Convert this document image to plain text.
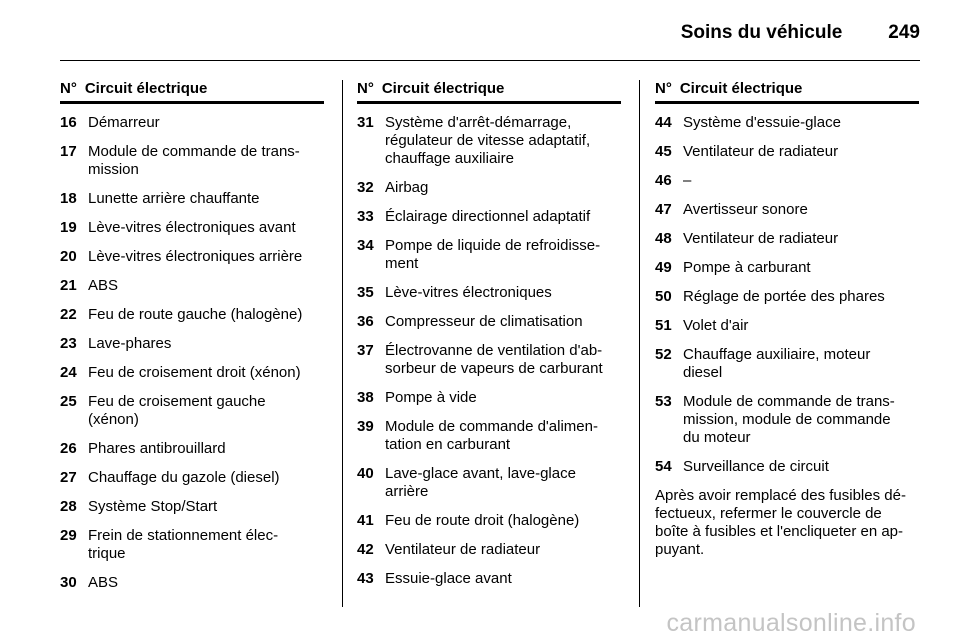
Soins du véhicule 249
N° Circuit électrique
16 Démarreur
17 Module de commande de trans-
mission
18 Lunette arrière chauffante
19 Lève-vitres électroniques avant
20 Lève-vitres électroniques arrière
21 ABS
22 Feu de route gauche (halogène)
23 Lave-phares
24 Feu de croisement droit (xénon)
25 Feu de croisement gauche
(xénon)
26 Phares antibrouillard
27 Chauffage du gazole (diesel)
28 Système Stop/Start
29 Frein de stationnement élec-
trique
30 ABS
N° Circuit électrique
31 Système d'arrêt-démarrage,
régulateur de vitesse adaptatif,
chauffage auxiliaire
32 Airbag
33 Éclairage directionnel adaptatif
34 Pompe de liquide de refroidisse-
ment
35 Lève-vitres électroniques
36 Compresseur de climatisation
37 Électrovanne de ventilation d'ab-
sorbeur de vapeurs de carburant
38 Pompe à vide
39 Module de commande d'alimen-
tation en carburant
40 Lave-glace avant, lave-glace
arrière
41 Feu de route droit (halogène)
42 Ventilateur de radiateur
43 Essuie-glace avant
N° Circuit électrique
44 Système d'essuie-glace
45 Ventilateur de radiateur
46 –
47 Avertisseur sonore
48 Ventilateur de radiateur
49 Pompe à carburant
50 Réglage de portée des phares
51 Volet d'air
52 Chauffage auxiliaire, moteur
diesel
53 Module de commande de trans-
mission, module de commande
du moteur
54 Surveillance de circuit
Après avoir remplacé des fusibles dé-
fectueux, refermer le couvercle de
boîte à fusibles et l'encliqueter en ap-
puyant.
carmanualsonline.info
